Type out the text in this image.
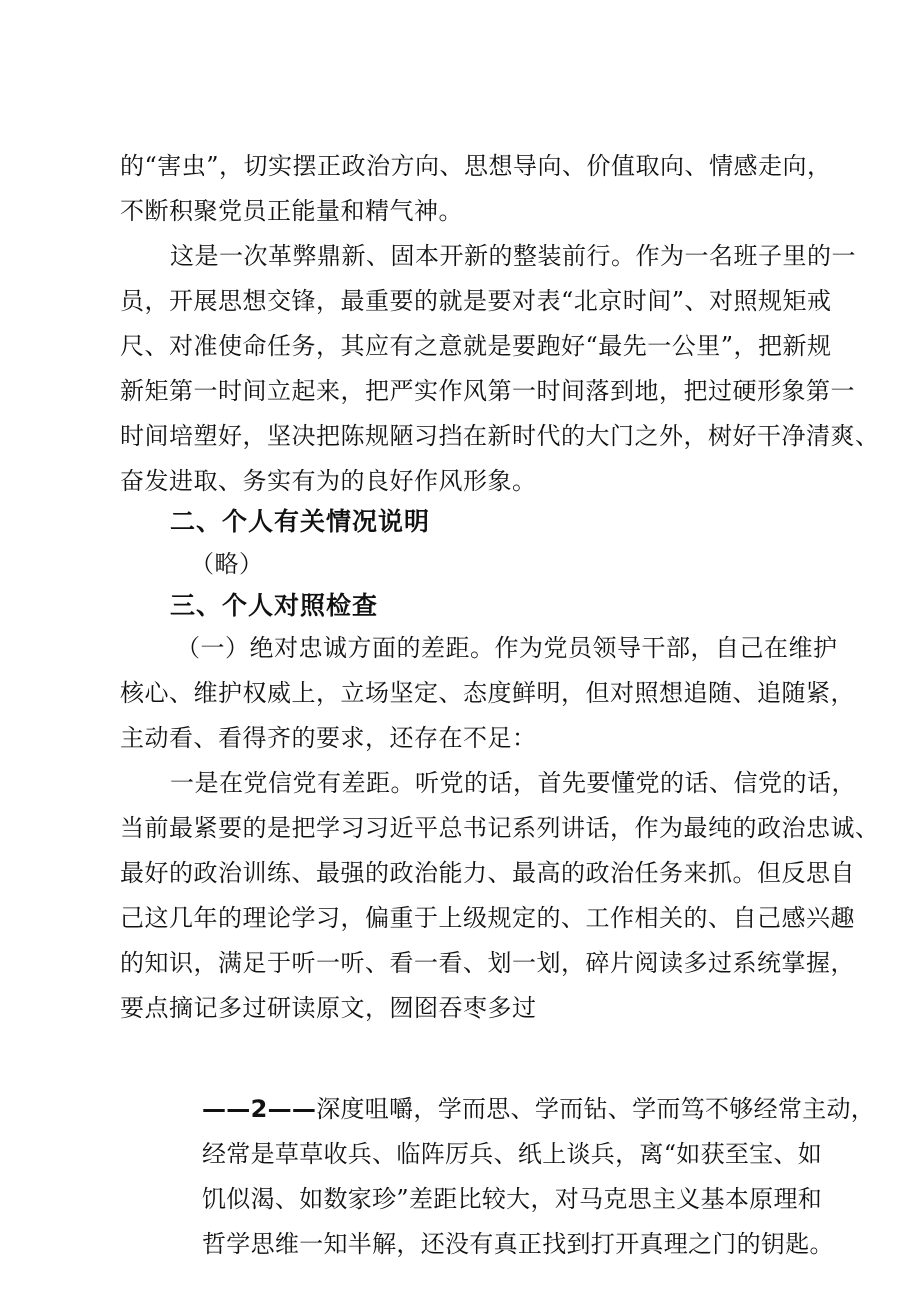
的“害虫”，切实摆正政治方向、思想导向、价值取向、情感走向，
不断积聚党员正能量和精气神。
这是一次革弊鼎新、固本开新的整装前行。作为一名班子里的一
员，开展思想交锋，最重要的就是要对表“北京时间”、对照规矩戒
尺、对准使命任务，其应有之意就是要跑好“最先一公里”，把新规
新矩第一时间立起来，把严实作风第一时间落到地，把过硬形象第一
时间培塑好，坚决把陈规陋习挡在新时代的大门之外，树好干净清爽、
奋发进取、务实有为的良好作风形象。
二、个人有关情况说明
（略）
三、个人对照检查
（一）绝对忠诚方面的差距。作为党员领导干部，自己在维护
核心、维护权威上，立场坚定、态度鲜明，但对照想追随、追随紧，
主动看、看得齐的要求，还存在不足：
一是在党信党有差距。听党的话，首先要懂党的话、信党的话，
当前最紧要的是把学习习近平总书记系列讲话，作为最纯的政治忠诚、
最好的政治训练、最强的政治能力、最高的政治任务来抓。但反思自
己这几年的理论学习，偏重于上级规定的、工作相关的、自己感兴趣
的知识，满足于听一听、看一看、划一划，碎片阅读多过系统掌握，
要点摘记多过研读原文，囫囵吞枣多过
——2——深度咀嚼，学而思、学而钻、学而笃不够经常主动，
经常是草草收兵、临阵厉兵、纸上谈兵，离“如获至宝、如
饥似渴、如数家珍”差距比较大，对马克思主义基本原理和
哲学思维一知半解，还没有真正找到打开真理之门的钥匙。
